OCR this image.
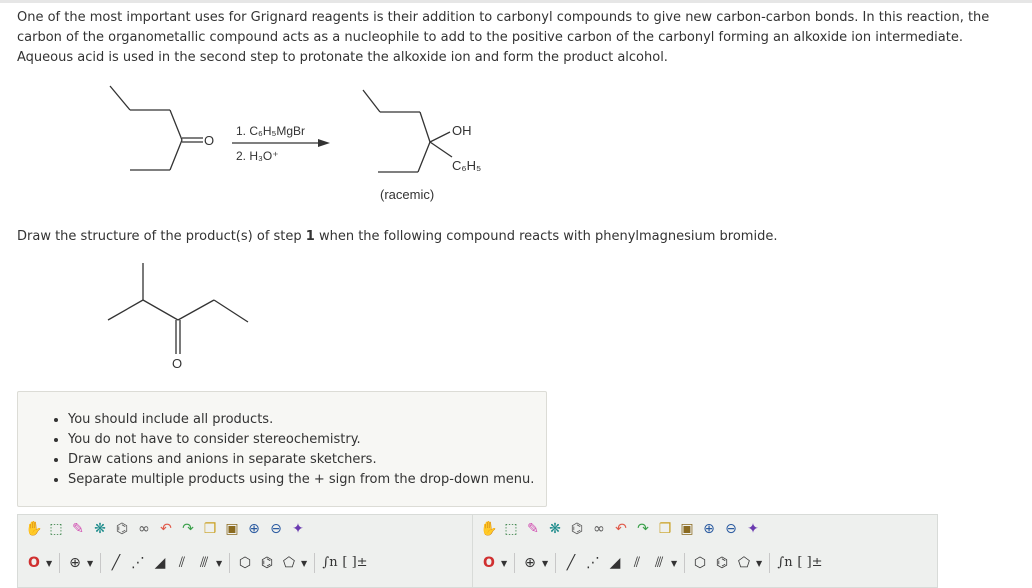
One of the most important uses for Grignard reagents is their addition to carbonyl compounds to give new carbon-carbon bonds. In this reaction, the carbon of the organometallic compound acts as a nucleophile to add to the positive carbon of the carbonyl forming an alkoxide ion intermediate. Aqueous acid is used in the second step to protonate the alkoxide ion and form the product alcohol.
O
1. C₆H₅MgBr
2. H₃O⁺
OH
C₆H₅
(racemic)
O
Draw the structure of the product(s) of step 1 when the following compound reacts with phenylmagnesium bromide.
• You should include all products.
• You do not have to consider stereochemistry.
• Draw cations and anions in separate sketchers.
• Separate multiple products using the + sign from the drop-down menu.
✋ ⬚ ✎ ❋ ⌬ ∞ ↶ ↷ ❐ ▣ ⊕ ⊖ ✦
O ▼ ⊕ ▼	╱ ⋰ ◢ ⫽	⫻ ▼ ⬡ ⌬ ⬠ ▼ ∫n [ ]±
✋ ⬚ ✎ ❋ ⌬ ∞ ↶ ↷ ❐ ▣ ⊕ ⊖ ✦
O ▼ ⊕ ▼	╱ ⋰ ◢ ⫽	⫻ ▼ ⬡ ⌬ ⬠ ▼ ∫n [ ]±
